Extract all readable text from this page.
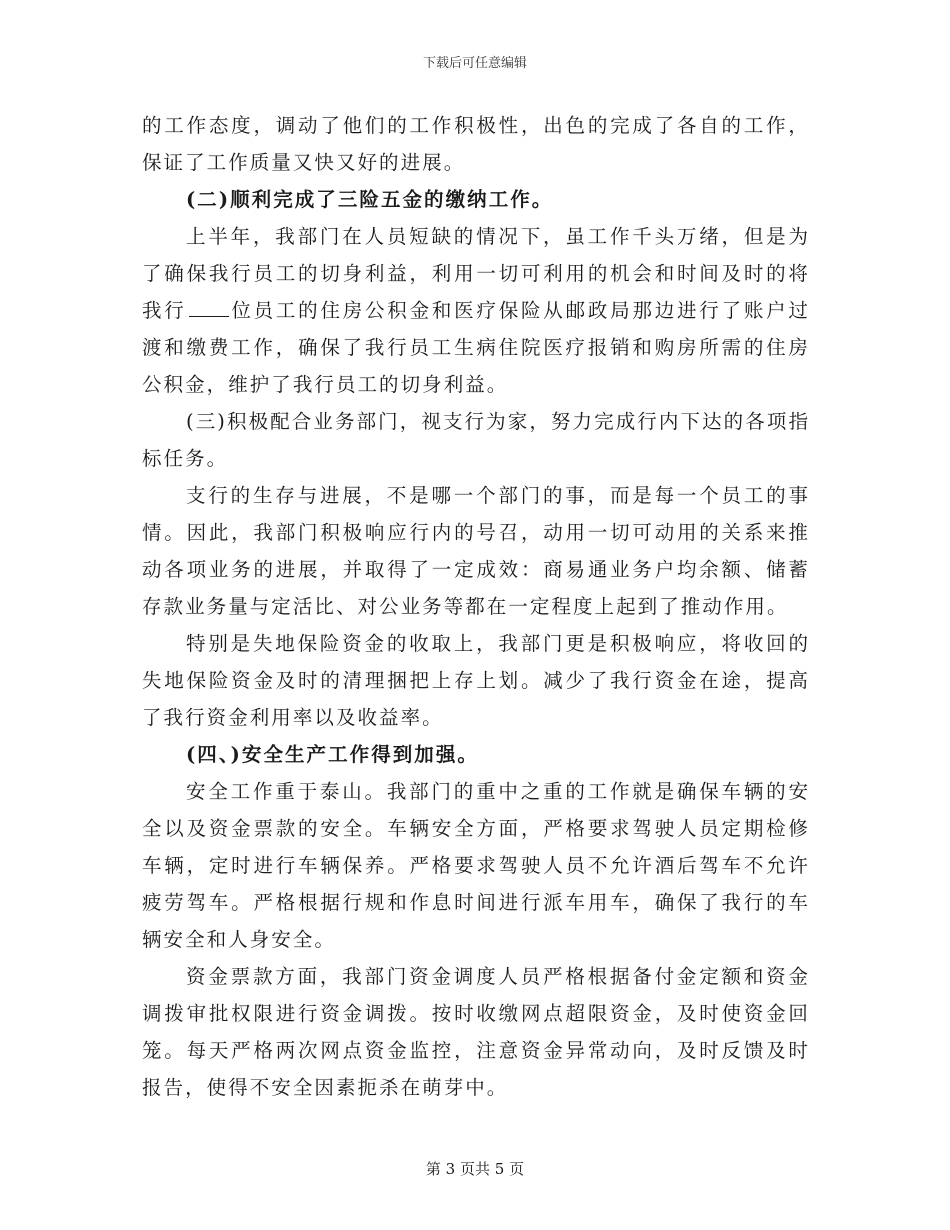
下载后可任意编辑

的工作态度，调动了他们的工作积极性，出色的完成了各自的工作，保证了工作质量又快又好的进展。

(二)顺利完成了三险五金的缴纳工作。

上半年，我部门在人员短缺的情况下，虽工作千头万绪，但是为了确保我行员工的切身利益，利用一切可利用的机会和时间及时的将我行 位员工的住房公积金和医疗保险从邮政局那边进行了账户过渡和缴费工作，确保了我行员工生病住院医疗报销和购房所需的住房公积金，维护了我行员工的切身利益。

(三)积极配合业务部门，视支行为家，努力完成行内下达的各项指标任务。

支行的生存与进展，不是哪一个部门的事，而是每一个员工的事情。因此，我部门积极响应行内的号召，动用一切可动用的关系来推动各项业务的进展，并取得了一定成效：商易通业务户均余额、储蓄存款业务量与定活比、对公业务等都在一定程度上起到了推动作用。

特别是失地保险资金的收取上，我部门更是积极响应，将收回的失地保险资金及时的清理捆把上存上划。减少了我行资金在途，提高了我行资金利用率以及收益率。

(四、)安全生产工作得到加强。

安全工作重于泰山。我部门的重中之重的工作就是确保车辆的安全以及资金票款的安全。车辆安全方面，严格要求驾驶人员定期检修车辆，定时进行车辆保养。严格要求驾驶人员不允许酒后驾车不允许疲劳驾车。严格根据行规和作息时间进行派车用车，确保了我行的车辆安全和人身安全。

资金票款方面，我部门资金调度人员严格根据备付金定额和资金调拨审批权限进行资金调拨。按时收缴网点超限资金，及时使资金回笼。每天严格两次网点资金监控，注意资金异常动向，及时反馈及时报告，使得不安全因素扼杀在萌芽中。

第 3 页共 5 页
